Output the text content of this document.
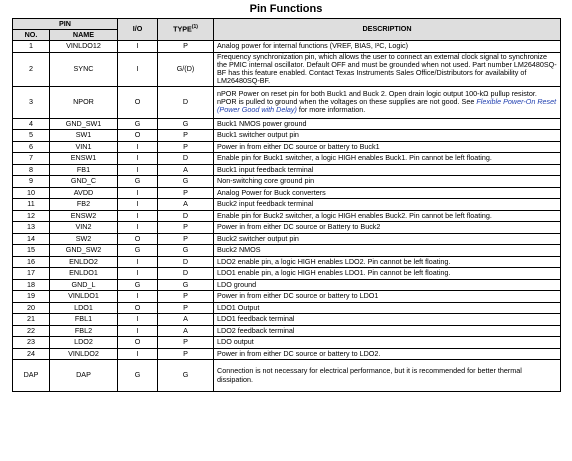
Pin Functions
PIN		I/O	TYPE$^{(1)}$	DESCRIPTION
NO.	NAME			
1	VINLDO12	I	P	Analog power for internal functions (VREF, BIAS, I²C, Logic)
2	SYNC	I	G/(D)	Frequency synchronization pin, which allows the user to connect an external clock signal to synchronize the PMIC internal oscillator. Default OFF and must be grounded when not used. Part number LM26480SQ-BF has this feature enabled. Contact Texas Instruments Sales Office/Distributors for availability of LM26480SQ-BF.
3	NPOR	O	D	nPOR Power on reset pin for both Buck1 and Buck 2. Open drain logic output 100-kΩ pullup resistor. nPOR is pulled to ground when the voltages on these supplies are not good. See Flexible Power-On Reset (Power Good with Delay) for more information.
4	GND_SW1	G	G	Buck1 NMOS power ground
5	SW1	O	P	Buck1 switcher output pin
6	VIN1	I	P	Power in from either DC source or battery to Buck1
7	ENSW1	I	D	Enable pin for Buck1 switcher, a logic HIGH enables Buck1. Pin cannot be left floating.
8	FB1	I	A	Buck1 input feedback terminal
9	GND_C	G	G	Non-switching core ground pin
10	AVDD	I	P	Analog Power for Buck converters
11	FB2	I	A	Buck2 input feedback terminal
12	ENSW2	I	D	Enable pin for Buck2 switcher, a logic HIGH enables Buck2. Pin cannot be left floating.
13	VIN2	I	P	Power in from either DC source or Battery to Buck2
14	SW2	O	P	Buck2 switcher output pin
15	GND_SW2	G	G	Buck2 NMOS
16	ENLDO2	I	D	LDO2 enable pin, a logic HIGH enables LDO2. Pin cannot be left floating.
17	ENLDO1	I	D	LDO1 enable pin, a logic HIGH enables LDO1. Pin cannot be left floating.
18	GND_L	G	G	LDO ground
19	VINLDO1	I	P	Power in from either DC source or battery to LDO1
20	LDO1	O	P	LDO1 Output
21	FBL1	I	A	LDO1 feedback terminal
22	FBL2	I	A	LDO2 feedback terminal
23	LDO2	O	P	LDO output
24	VINLDO2	I	P	Power in from either DC source or battery to LDO2.
DAP	DAP	G	G	Connection is not necessary for electrical performance, but it is recommended for better thermal dissipation.
